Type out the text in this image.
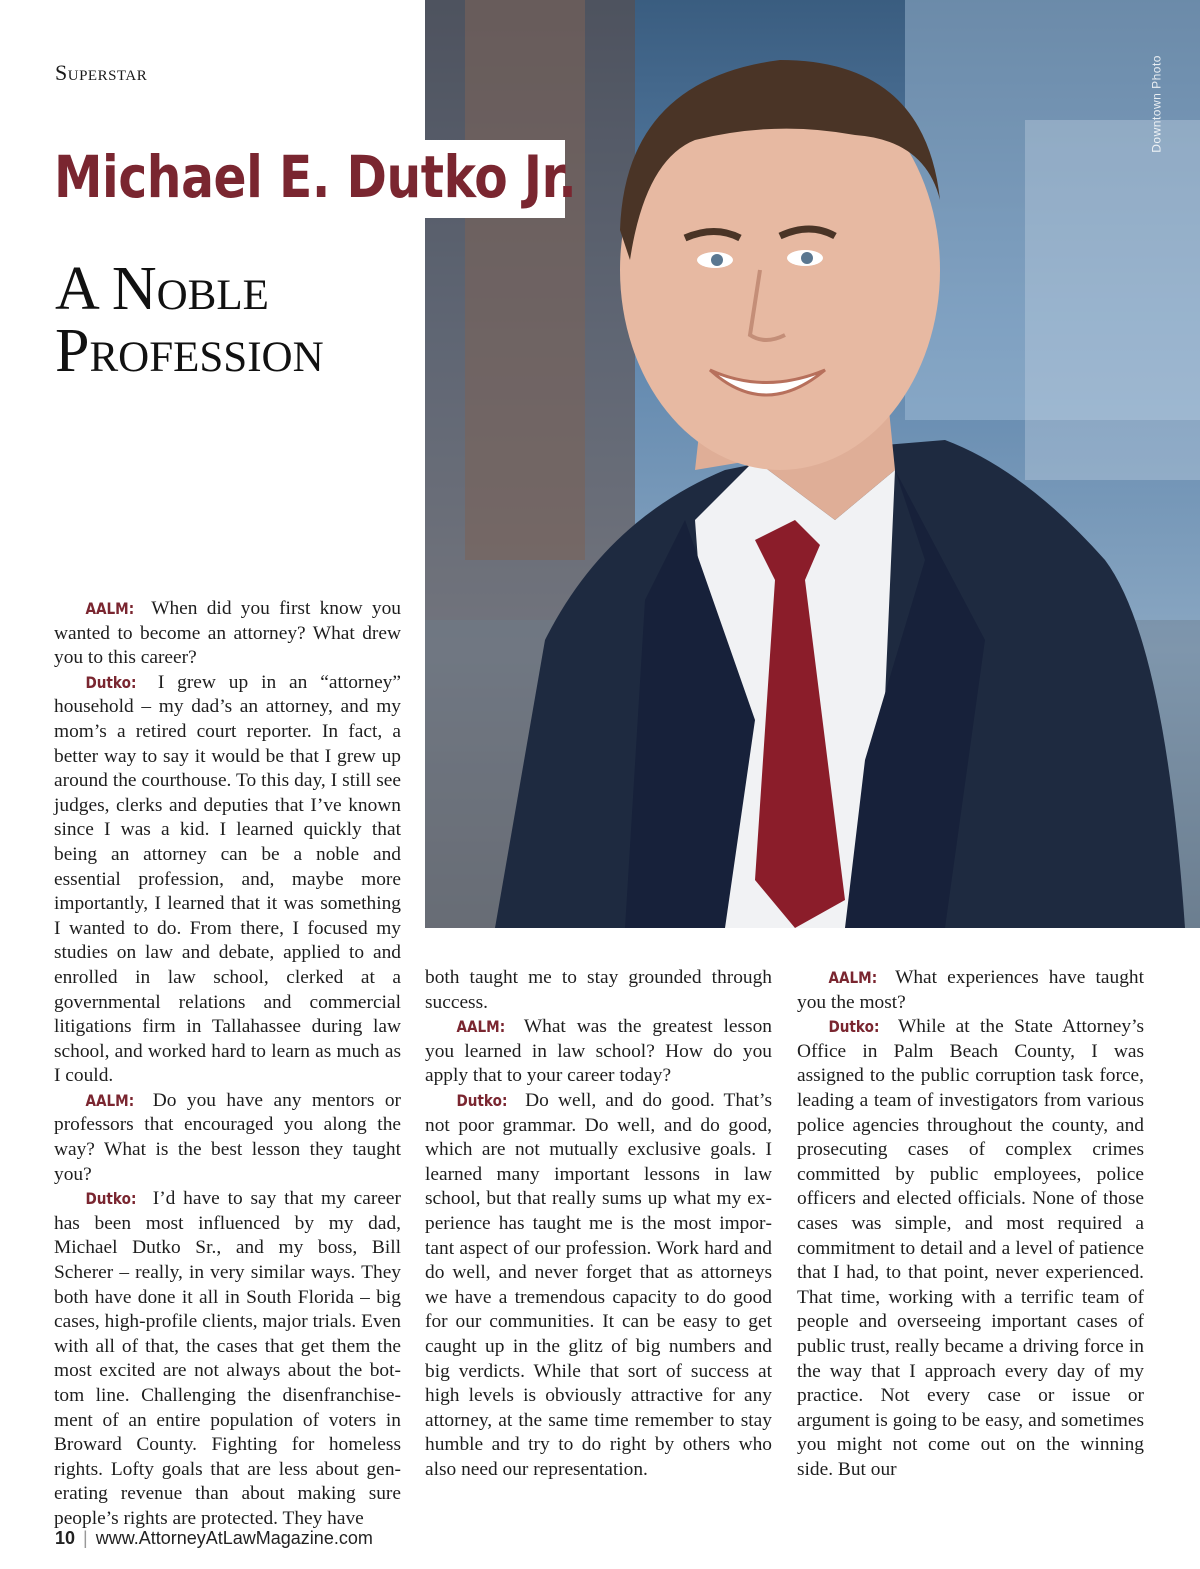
Downtown Photo
Superstar
Michael E. Dutko Jr.
A Noble Profession

AALM: When did you first know you wanted to become an attorney? What drew you to this career?

Dutko: I grew up in an “attorney” household – my dad’s an attorney, and my mom’s a retired court reporter. In fact, a better way to say it would be that I grew up around the courthouse. To this day, I still see judges, clerks and deputies that I’ve known since I was a kid. I learned quickly that being an attorney can be a noble and essential profession, and, maybe more importantly, I learned that it was something I wanted to do. From there, I focused my studies on law and debate, applied to and enrolled in law school, clerked at a governmental relations and commercial litigations firm in Tallahassee during law school, and worked hard to learn as much as I could.

AALM: Do you have any mentors or professors that encouraged you along the way? What is the best lesson they taught you?

Dutko: I’d have to say that my career has been most influenced by my dad, Michael Dutko Sr., and my boss, Bill Scherer – really, in very similar ways. They both have done it all in South Florida – big cases, high-profile clients, major trials. Even with all of that, the cases that get them the most excited are not always about the bottom line. Challenging the disenfranchisement of an entire population of voters in Broward County. Fighting for homeless rights. Lofty goals that are less about generating revenue than about making sure people’s rights are protected. They have

both taught me to stay grounded through success.

AALM: What was the greatest lesson you learned in law school? How do you apply that to your career today?

Dutko: Do well, and do good. That’s not poor grammar. Do well, and do good, which are not mutually exclusive goals. I learned many important lessons in law school, but that really sums up what my experience has taught me is the most important aspect of our profession. Work hard and do well, and never forget that as attorneys we have a tremendous capacity to do good for our communities. It can be easy to get caught up in the glitz of big numbers and big verdicts. While that sort of success at high levels is obviously attractive for any attorney, at the same time remember to stay humble and try to do right by others who also need our representation.

AALM: What experiences have taught you the most?

Dutko: While at the State Attorney’s Office in Palm Beach County, I was assigned to the public corruption task force, leading a team of investigators from various police agencies throughout the county, and prosecuting cases of complex crimes committed by public employees, police officers and elected officials. None of those cases was simple, and most required a commitment to detail and a level of patience that I had, to that point, never experienced. That time, working with a terrific team of people and overseeing important cases of public trust, really became a driving force in the way that I approach every day of my practice. Not every case or issue or argument is going to be easy, and sometimes you might not come out on the winning side. But our

10 | www.AttorneyAtLawMagazine.com
